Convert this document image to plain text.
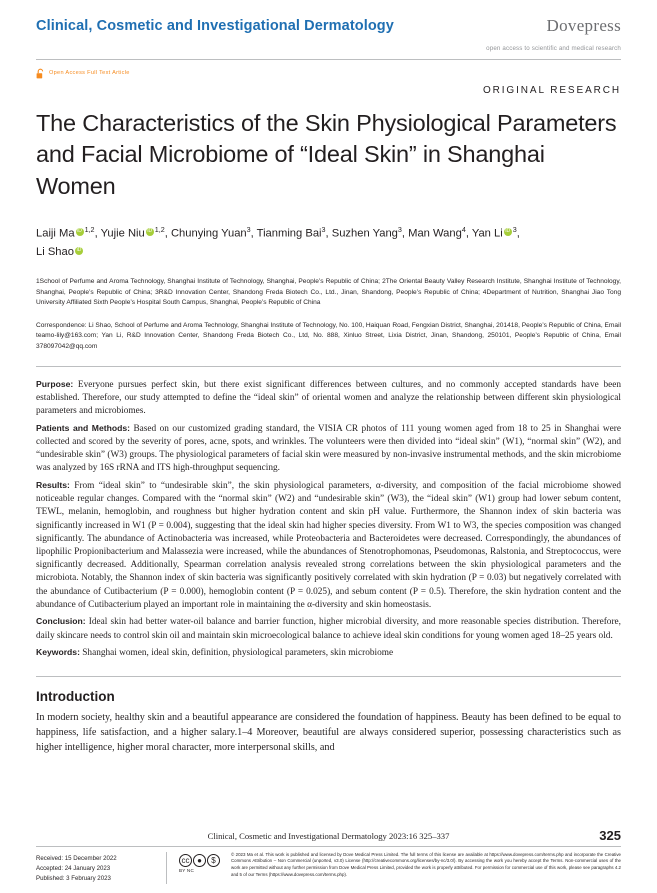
Clinical, Cosmetic and Investigational Dermatology	Dovepress
open access to scientific and medical research
Open Access Full Text Article
ORIGINAL RESEARCH
The Characteristics of the Skin Physiological Parameters and Facial Microbiome of “Ideal Skin” in Shanghai Women
Laiji Ma iD $^{1,2}$, Yujie Niu iD $^{1,2}$, Chunying Yuan$^3$, Tianming Bai$^3$, Suzhen Yang$^3$, Man Wang$^4$, Yan Li iD $^3$,
Li ShaoiD
1School of Perfume and Aroma Technology, Shanghai Institute of Technology, Shanghai, People’s Republic of China; 2The Oriental Beauty Valley Research Institute, Shanghai Institute of Technology, Shanghai, People’s Republic of China; 3R&D Innovation Center, Shandong Freda Biotech Co., Ltd., Jinan, Shandong, People’s Republic of China; 4Department of Nutrition, Shanghai Jiao Tong University Affiliated Sixth People’s Hospital South Campus, Shanghai, People’s Republic of China
Correspondence: Li Shao, School of Perfume and Aroma Technology, Shanghai Institute of Technology, No. 100, Haiquan Road, Fengxian District, Shanghai, 201418, People’s Republic of China, Email teamo-lily@163.com; Yan Li, R&D Innovation Center, Shandong Freda Biotech Co., Ltd, No. 888, Xinluo Street, Lixia District, Jinan, Shandong, 250101, People’s Republic of China, Email 378097042@qq.com

Purpose: Everyone pursues perfect skin, but there exist significant differences between cultures, and no commonly accepted standards have been established. Therefore, our study attempted to define the “ideal skin” of oriental women and analyze the relationship between different skin physiological parameters and microbiomes.

Patients and Methods: Based on our customized grading standard, the VISIA CR photos of 111 young women aged from 18 to 25 in Shanghai were collected and scored by the severity of pores, acne, spots, and wrinkles. The volunteers were then divided into “ideal skin” (W1), “normal skin” (W2), and “undesirable skin” (W3) groups. The physiological parameters of facial skin were measured by non-invasive instrumental methods, and the skin microbiome was analyzed by 16S rRNA and ITS high-throughput sequencing.

Results: From “ideal skin” to “undesirable skin”, the skin physiological parameters, α-diversity, and composition of the facial microbiome showed noticeable regular changes. Compared with the “normal skin” (W2) and “undesirable skin” (W3), the “ideal skin” (W1) group had lower sebum content, TEWL, melanin, hemoglobin, and roughness but higher hydration content and skin pH value. Furthermore, the Shannon index of skin bacteria was significantly increased in W1 (P = 0.004), suggesting that the ideal skin had higher species diversity. From W1 to W3, the species composition was changed significantly. The abundance of Actinobacteria was increased, while Proteobacteria and Bacteroidetes were decreased. Correspondingly, the abundances of lipophilic Propionibacterium and Malassezia were increased, while the abundances of Stenotrophomonas, Pseudomonas, Ralstonia, and Streptococcus, were significantly decreased. Additionally, Spearman correlation analysis revealed strong correlations between the skin physiological parameters and the microbiota. Notably, the Shannon index of skin bacteria was significantly positively correlated with skin hydration (P = 0.03) but negatively correlated with the abundance of Cutibacterium (P = 0.000), hemoglobin content (P = 0.025), and sebum content (P = 0.5). Therefore, the skin hydration content and the abundance of Cutibacterium played an important role in maintaining the α-diversity and skin homeostasis.

Conclusion: Ideal skin had better water-oil balance and barrier function, higher microbial diversity, and more reasonable species distribution. Therefore, daily skincare needs to control skin oil and maintain skin microecological balance to achieve ideal skin conditions for young women aged 18–25 years old.

Keywords: Shanghai women, ideal skin, definition, physiological parameters, skin microbiome

Introduction
In modern society, healthy skin and a beautiful appearance are considered the foundation of happiness. Beauty has been defined to be equal to happiness, life satisfaction, and a higher salary.1–4 Moreover, beautiful are always considered superior, possessing characteristics such as higher intelligence, higher moral character, more interpersonal skills, and
Clinical, Cosmetic and Investigational Dermatology 2023:16 325–337	325
Received: 15 December 2022
Accepted: 24 January 2023
Published: 3 February 2023
cc ●	$
BY NC
© 2023 Ma et al. This work is published and licensed by Dove Medical Press Limited. The full terms of this license are available at https://www.dovepress.com/terms.php and incorporate the Creative Commons Attribution – Non Commercial (unported, v3.0) License (http://creativecommons.org/licenses/by-nc/3.0/). By accessing the work you hereby accept the Terms. Non-commercial uses of the work are permitted without any further permission from Dove Medical Press Limited, provided the work is properly attributed. For permission for commercial use of this work, please see paragraphs 4.2 and 5 of our Terms (https://www.dovepress.com/terms.php).
